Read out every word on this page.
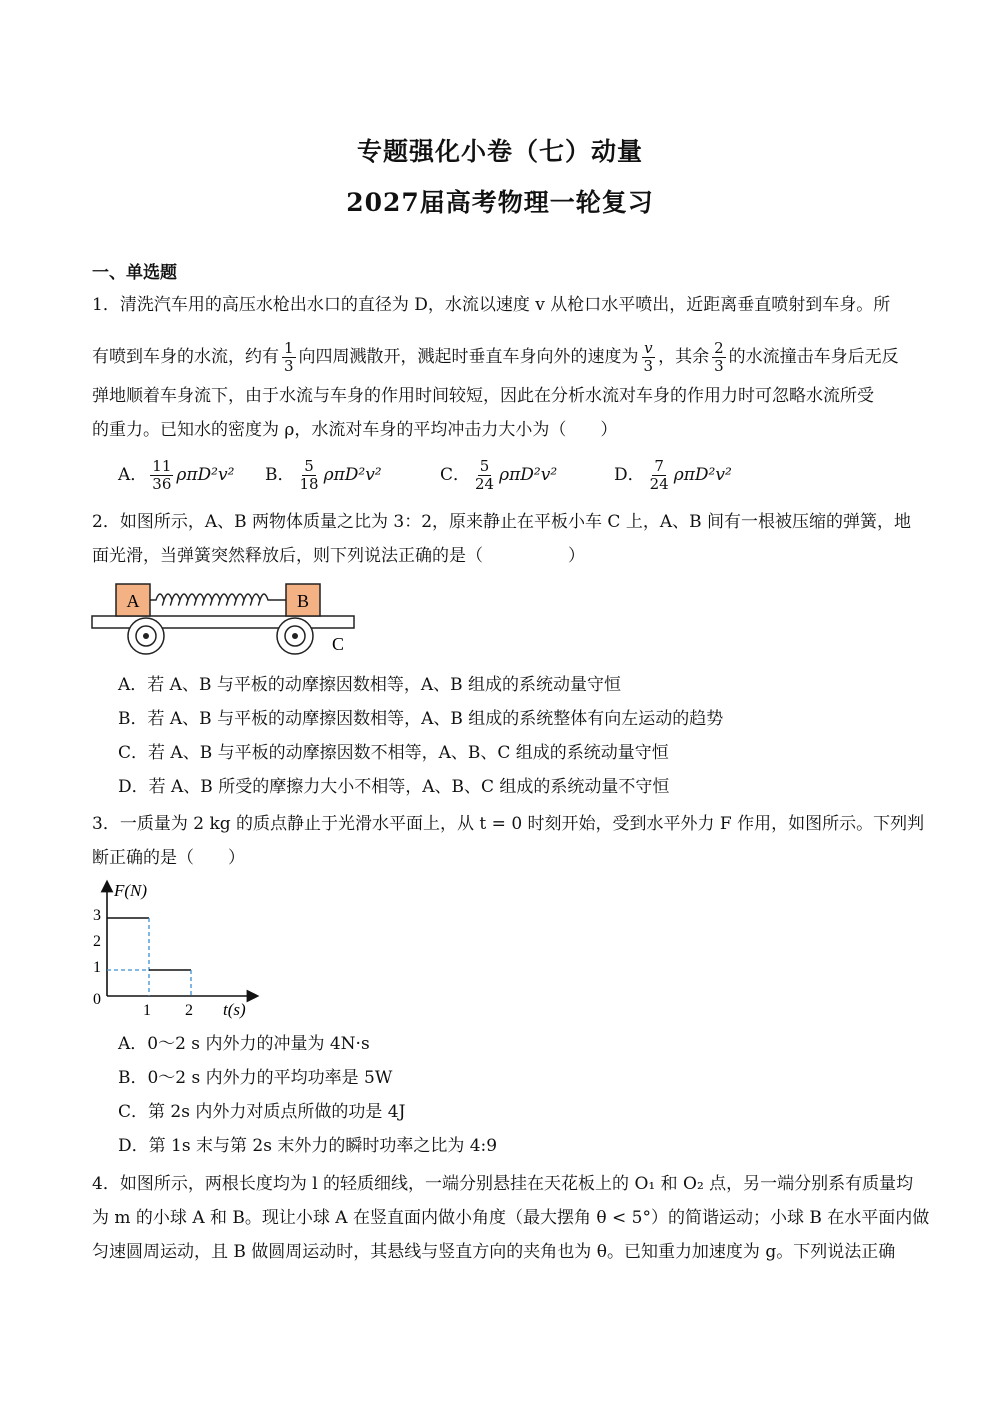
专题强化小卷（七）动量
2027届高考物理一轮复习
一、单选题
1．清洗汽车用的高压水枪出水口的直径为 D，水流以速度 v 从枪口水平喷出，近距离垂直喷射到车身。所
有喷到车身的水流，约有 $\frac{1}{3}$ 向四周溅散开，溅起时垂直车身向外的速度为 $\frac{v}{3}$ ，其余 $\frac{2}{3}$ 的水流撞击车身后无反
弹地顺着车身流下，由于水流与车身的作用时间较短，因此在分析水流对车身的作用力时可忽略水流所受
的重力。已知水的密度为 ρ，水流对车身的平均冲击力大小为（　　）
A． $\frac{11}{36} \rho\pi D^2v^2$ B． $\frac{5}{18} \rho\pi D^2v^2$	C． $\frac{5}{24} \rho\pi D^2v^2$	D． $\frac{7}{24} \rho\pi D^2v^2$
2．如图所示，A、B 两物体质量之比为 3：2，原来静止在平板小车 C 上，A、B 间有一根被压缩的弹簧，地
面光滑，当弹簧突然释放后，则下列说法正确的是（　　　　　）
A	B
C
A．若 A、B 与平板的动摩擦因数相等，A、B 组成的系统动量守恒
B．若 A、B 与平板的动摩擦因数相等，A、B 组成的系统整体有向左运动的趋势
C．若 A、B 与平板的动摩擦因数不相等，A、B、C 组成的系统动量守恒
D．若 A、B 所受的摩擦力大小不相等，A、B、C 组成的系统动量不守恒
3．一质量为 2 kg 的质点静止于光滑水平面上，从 t = 0 时刻开始，受到水平外力 F 作用，如图所示。下列判
断正确的是（　　）
F(N)
t(s)
0
3
2
1
1 2
A．0～2 s 内外力的冲量为 4N·s
B．0～2 s 内外力的平均功率是 5W
C．第 2s 内外力对质点所做的功是 4J
D．第 1s 末与第 2s 末外力的瞬时功率之比为 4:9
4．如图所示，两根长度均为 l 的轻质细线，一端分别悬挂在天花板上的 O₁ 和 O₂ 点，另一端分别系有质量均
为 m 的小球 A 和 B。现让小球 A 在竖直面内做小角度（最大摆角 θ < 5°）的简谐运动；小球 B 在水平面内做
匀速圆周运动，且 B 做圆周运动时，其悬线与竖直方向的夹角也为 θ。已知重力加速度为 g。下列说法正确
